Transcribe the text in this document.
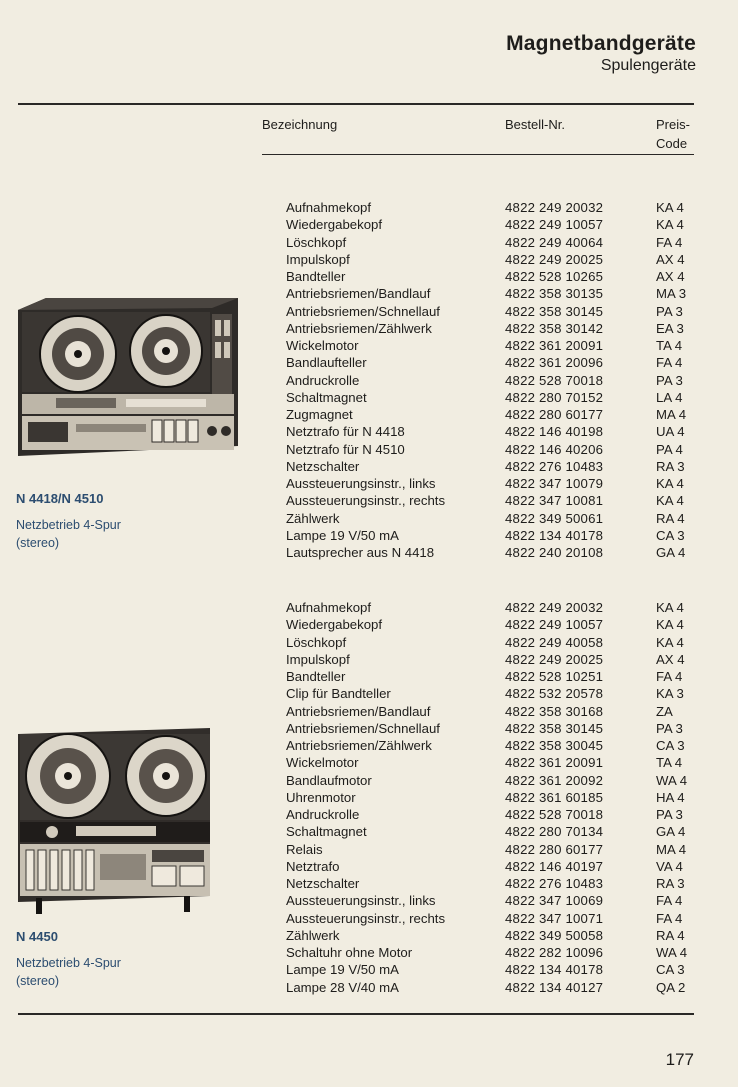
Magnetbandgeräte
Spulengeräte
Bezeichnung	Bestell-Nr.	Preis-
Code
N 4418/N 4510
Netzbetrieb 4-Spur
(stereo)
Aufnahmekopf	4822 249 20032	KA 4
Wiedergabekopf	4822 249 10057	KA 4
Löschkopf	4822 249 40064	FA 4
Impulskopf	4822 249 20025	AX 4
Bandteller	4822 528 10265	AX 4
Antriebsriemen/Bandlauf	4822 358 30135	MA 3
Antriebsriemen/Schnellauf	4822 358 30145	PA 3
Antriebsriemen/Zählwerk	4822 358 30142	EA 3
Wickelmotor	4822 361 20091	TA 4
Bandlaufteller	4822 361 20096	FA 4
Andruckrolle	4822 528 70018	PA 3
Schaltmagnet	4822 280 70152	LA 4
Zugmagnet	4822 280 60177	MA 4
Netztrafo für N 4418	4822 146 40198	UA 4
Netztrafo für N 4510	4822 146 40206	PA 4
Netzschalter	4822 276 10483	RA 3
Aussteuerungsinstr., links	4822 347 10079	KA 4
Aussteuerungsinstr., rechts	4822 347 10081	KA 4
Zählwerk	4822 349 50061	RA 4
Lampe 19 V/50 mA	4822 134 40178	CA 3
Lautsprecher aus N 4418	4822 240 20108	GA 4
N 4450
Netzbetrieb 4-Spur
(stereo)
Aufnahmekopf	4822 249 20032	KA 4
Wiedergabekopf	4822 249 10057	KA 4
Löschkopf	4822 249 40058	KA 4
Impulskopf	4822 249 20025	AX 4
Bandteller	4822 528 10251	FA 4
Clip für Bandteller	4822 532 20578	KA 3
Antriebsriemen/Bandlauf	4822 358 30168	ZA
Antriebsriemen/Schnellauf	4822 358 30145	PA 3
Antriebsriemen/Zählwerk	4822 358 30045	CA 3
Wickelmotor	4822 361 20091	TA 4
Bandlaufmotor	4822 361 20092	WA 4
Uhrenmotor	4822 361 60185	HA 4
Andruckrolle	4822 528 70018	PA 3
Schaltmagnet	4822 280 70134	GA 4
Relais	4822 280 60177	MA 4
Netztrafo	4822 146 40197	VA 4
Netzschalter	4822 276 10483	RA 3
Aussteuerungsinstr., links	4822 347 10069	FA 4
Aussteuerungsinstr., rechts	4822 347 10071	FA 4
Zählwerk	4822 349 50058	RA 4
Schaltuhr ohne Motor	4822 282 10096	WA 4
Lampe 19 V/50 mA	4822 134 40178	CA 3
Lampe 28 V/40 mA	4822 134 40127	QA 2
177
